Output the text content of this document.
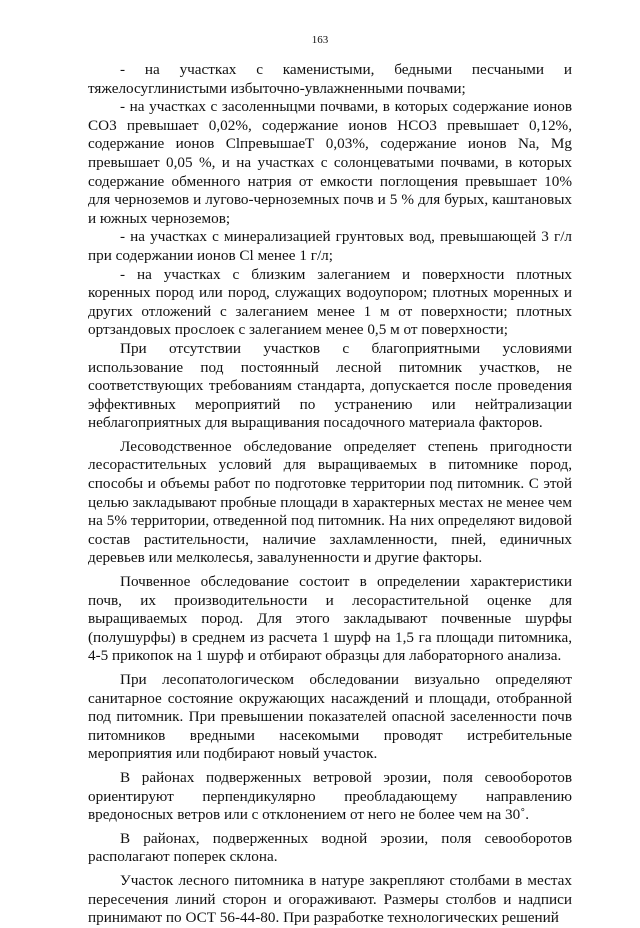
163

- на участках с каменистыми, бедными песчаными и тяжелосуглинистыми избыточно-увлажненными почвами;

- на участках с засоленныцми почвами, в которых содержание ионов СО3 превышает 0,02%, содержание ионов НСО3 превышает 0,12%, содержание ионов ClпревышаеТ 0,03%, содержание ионов Na, Mg превышает 0,05 %, и на участках с солонцеватыми почвами, в которых содержание обменного натрия от емкости поглощения превышает 10% для черноземов и лугово-черноземных почв и 5 % для бурых, каштановых и южных черноземов;

- на участках с минерализацией грунтовых вод, превышающей 3 г/л при содержании ионов Cl менее 1 г/л;

- на участках с близким залеганием и поверхности плотных коренных пород или пород, служащих водоупором; плотных моренных и других отложений с залеганием менее 1 м от поверхности; плотных ортзандовых прослоек с залеганием менее 0,5 м от поверхности;

При отсутствии участков с благоприятными условиями использование под постоянный лесной питомник участков, не соответствующих требованиям стандарта, допускается после проведения эффективных мероприятий по устранению или нейтрализации неблагоприятных для выращивания посадочного материала факторов.

Лесоводственное обследование определяет степень пригодности лесорастительных условий для выращиваемых в питомнике пород, способы и объемы работ по подготовке территории под питомник. С этой целью закладывают пробные площади в характерных местах не менее чем на 5% территории, отведенной под питомник. На них определяют видовой состав растительности, наличие захламленности, пней, единичных деревьев или мелколесья, завалуненности и другие факторы.

Почвенное обследование состоит в определении характеристики почв, их производительности и лесорастительной оценке для выращиваемых пород. Для этого закладывают почвенные шурфы (полушурфы) в среднем из расчета 1 шурф на 1,5 га площади питомника, 4-5 прикопок на 1 шурф и отбирают образцы для лабораторного анализа.

При лесопатологическом обследовании визуально определяют санитарное состояние окружающих насаждений и площади, отобранной под питомник. При превышении показателей опасной заселенности почв питомников вредными насекомыми проводят истребительные мероприятия или подбирают новый участок.

В районах подверженных ветровой эрозии, поля севооборотов ориентируют перпендикулярно преобладающему направлению вредоносных ветров или с отклонением от него не более чем на 30˚.

В районах, подверженных водной эрозии, поля севооборотов располагают поперек склона.

Участок лесного питомника в натуре закрепляют столбами в местах пересечения линий сторон и огораживают. Размеры столбов и надписи принимают по ОСТ 56-44-80. При разработке технологических решений
